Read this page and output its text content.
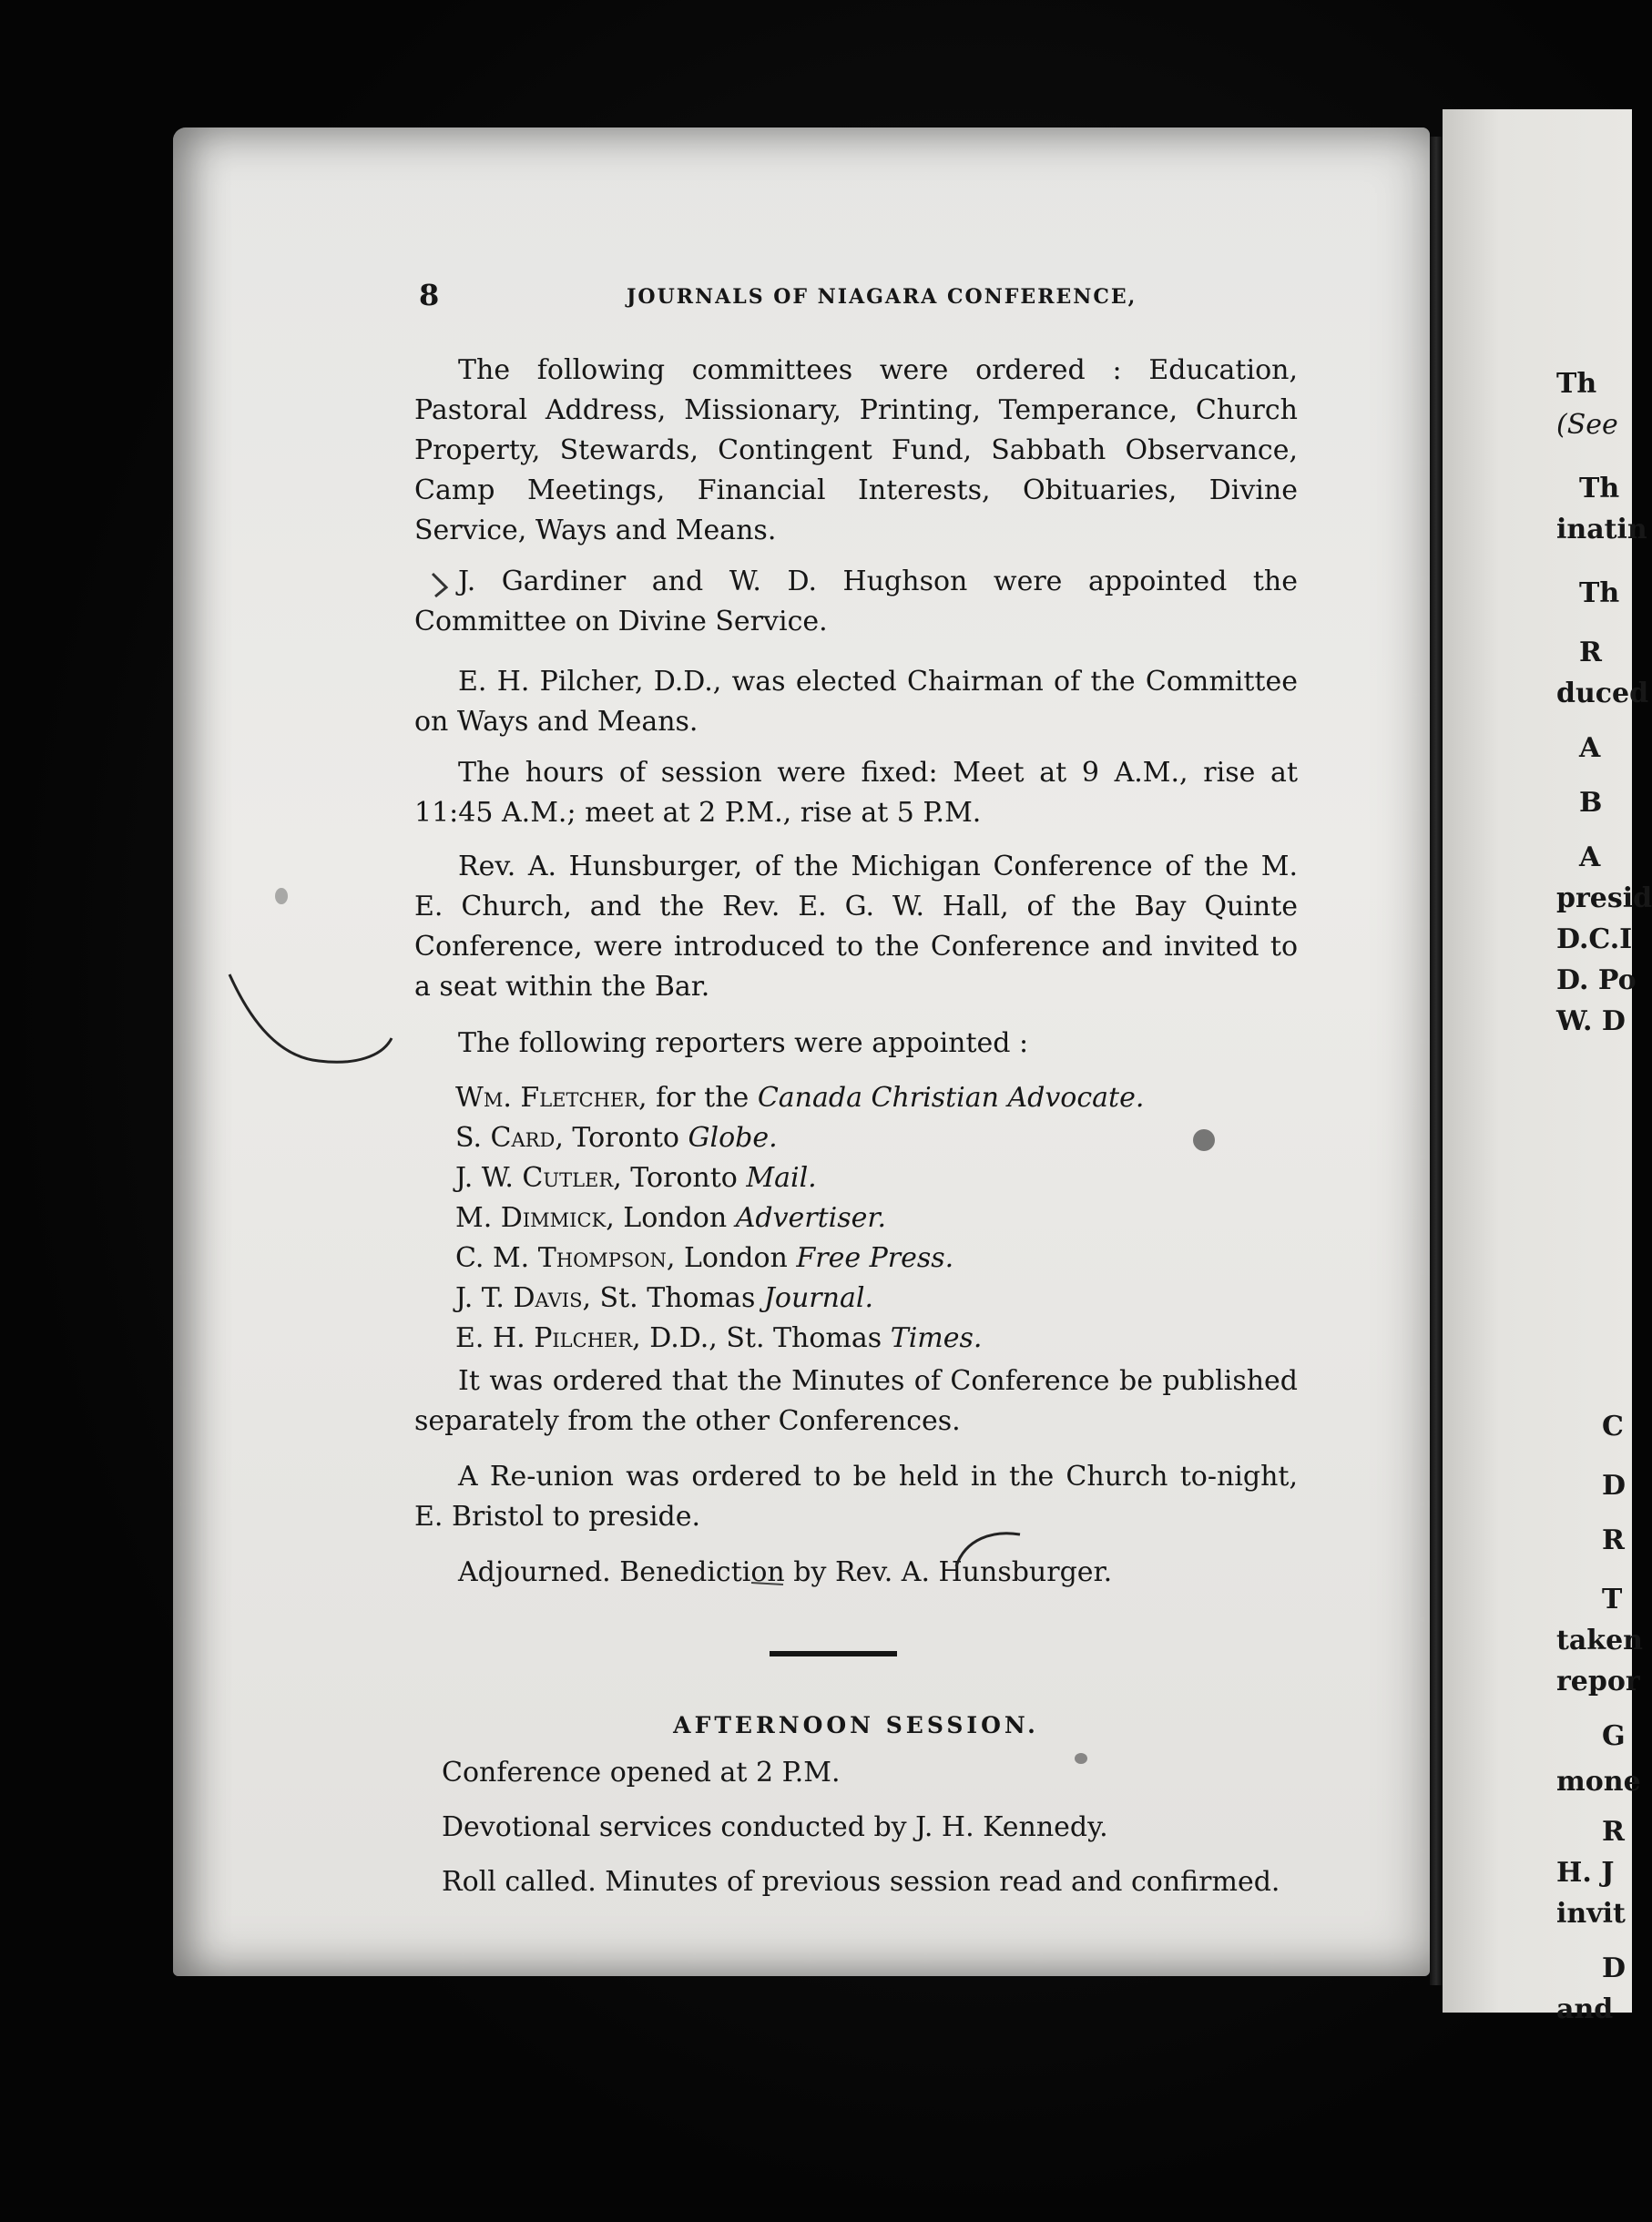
Th
(See
Th
inatin
Th
R
duced
A
B
A
presid
D.C.I
D. Po
W. D
C
D
R
T
taken
repor
G
mone
R
H. J
invit
D
and
8	JOURNALS OF NIAGARA CONFERENCE,

The following committees were ordered : Education, Pastoral Address, Missionary, Printing, Temperance, Church Property, Stewards, Contingent Fund, Sabbath Observance, Camp Meetings, Financial Interests, Obituaries, Divine Service, Ways and Means.

J. Gardiner and W. D. Hughson were appointed the Committee on Divine Service.

E. H. Pilcher, D.D., was elected Chairman of the Committee on Ways and Means.

The hours of session were fixed: Meet at 9 A.M., rise at 11:45 A.M.; meet at 2 P.M., rise at 5 P.M.

Rev. A. Hunsburger, of the Michigan Conference of the M. E. Church, and the Rev. E. G. W. Hall, of the Bay Quinte Conference, were introduced to the Conference and invited to a seat within the Bar.

The following reporters were appointed :

Wm. Fletcher, for the Canada Christian Advocate.
S. Card, Toronto Globe.
J. W. Cutler, Toronto Mail.
M. Dimmick, London Advertiser.
C. M. Thompson, London Free Press.
J. T. Davis, St. Thomas Journal.
E. H. Pilcher, D.D., St. Thomas Times.

It was ordered that the Minutes of Conference be published separately from the other Conferences.

A Re-union was ordered to be held in the Church to-night, E. Bristol to preside.

Adjourned. Benediction by Rev. A. Hunsburger.

AFTERNOON SESSION.
Conference opened at 2 P.M.
Devotional services conducted by J. H. Kennedy.
Roll called. Minutes of previous session read and confirmed.
